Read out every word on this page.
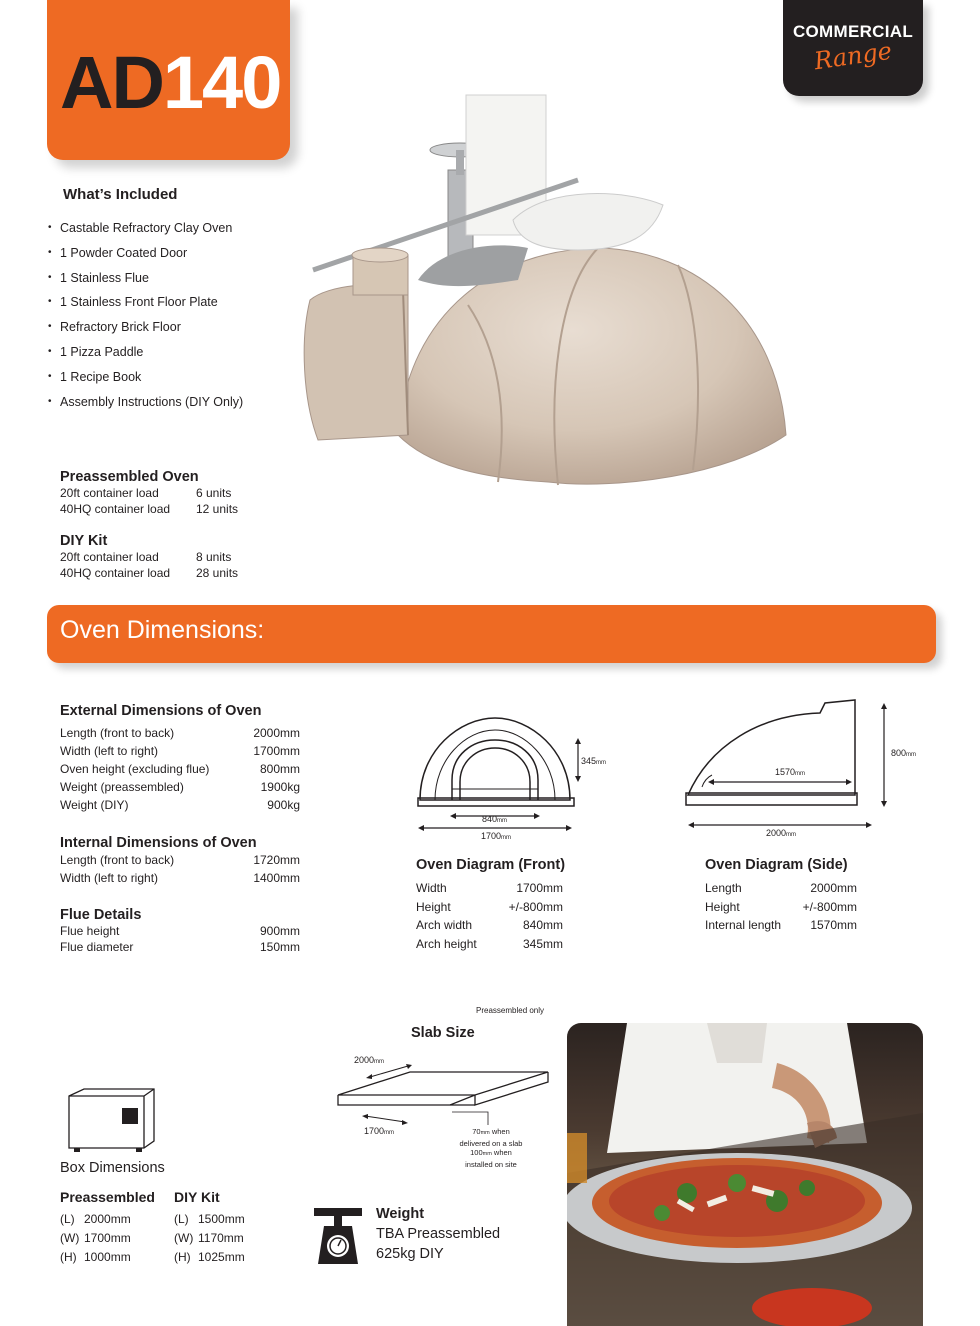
AD140
COMMERCIAL
Range
What’s Included
• Castable Refractory Clay Oven
• 1 Powder Coated Door
• 1 Stainless Flue
• 1 Stainless Front Floor Plate
• Refractory Brick Floor
• 1 Pizza Paddle
• 1 Recipe Book
• Assembly Instructions (DIY Only)
Preassembled Oven
20ft container load	6 units
40HQ container load	12 units
DIY Kit
20ft container load	8 units
40HQ container load	28 units
Oven Dimensions:
External Dimensions of Oven
Length (front to back)	2000mm
Width (left to right)	1700mm
Oven height (excluding flue)	800mm
Weight (preassembled)	1900kg
Weight (DIY)	900kg
Internal Dimensions of Oven
Length (front to back)	1720mm
Width (left to right)	1400mm
Flue Details
Flue height	900mm
Flue diameter	150mm
345mm
840mm
1700mm
Oven Diagram (Front)
Width	1700mm
Height	+/-800mm
Arch width	840mm
Arch height	345mm
800mm
1570mm
2000mm
Oven Diagram (Side)
Length	2000mm
Height	+/-800mm
Internal length	1570mm
Preassembled only
Slab Size
2000mm
1700mm	70mm when
delivered on a slab
100mm when
installed on site
Box Dimensions
Preassembled
(L) 2000mm
(W) 1700mm
(H) 1000mm
DIY Kit
(L) 1500mm
(W) 1170mm
(H) 1025mm
Weight
TBA Preassembled
625kg DIY
